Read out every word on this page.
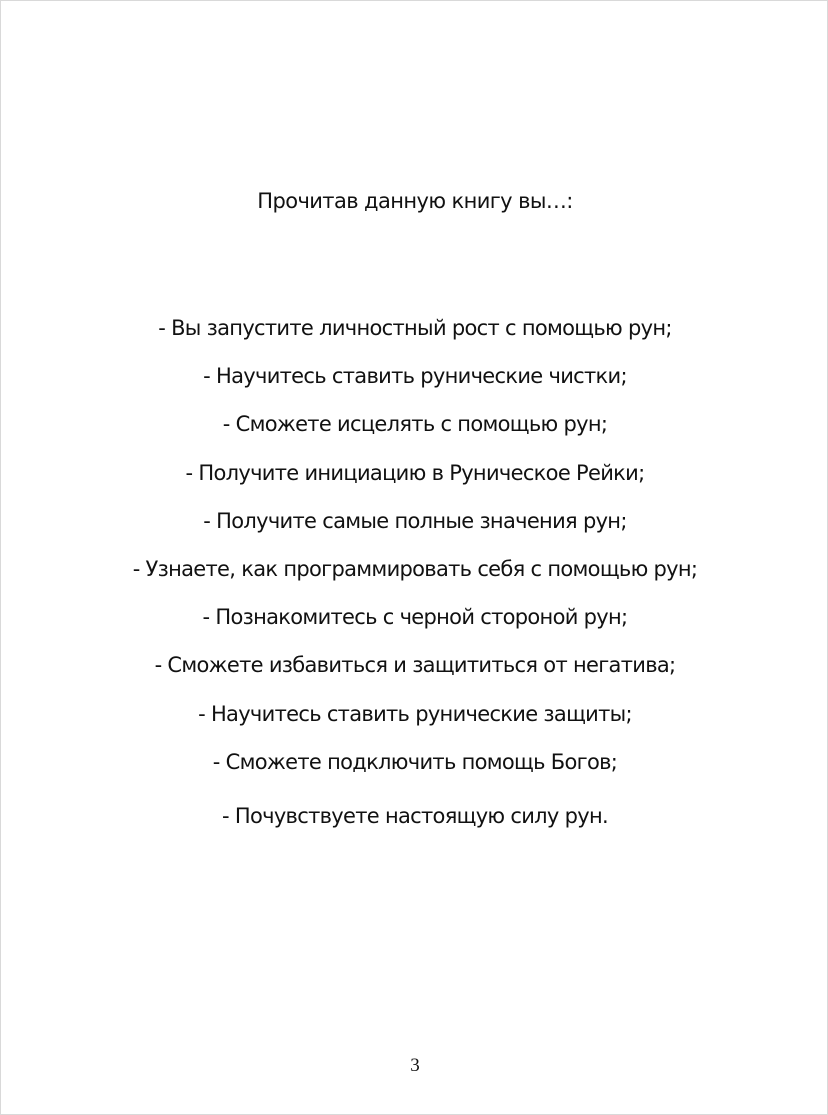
Прочитав данную книгу вы…:
- Вы запустите личностный рост с помощью рун;
- Научитесь ставить рунические чистки;
- Сможете исцелять с помощью рун;
- Получите инициацию в Руническое Рейки;
- Получите самые полные значения рун;
- Узнаете, как программировать себя с помощью рун;
- Познакомитесь с черной стороной рун;
- Сможете избавиться и защититься от негатива;
- Научитесь ставить рунические защиты;
- Сможете подключить помощь Богов;
- Почувствуете настоящую силу рун.
3
